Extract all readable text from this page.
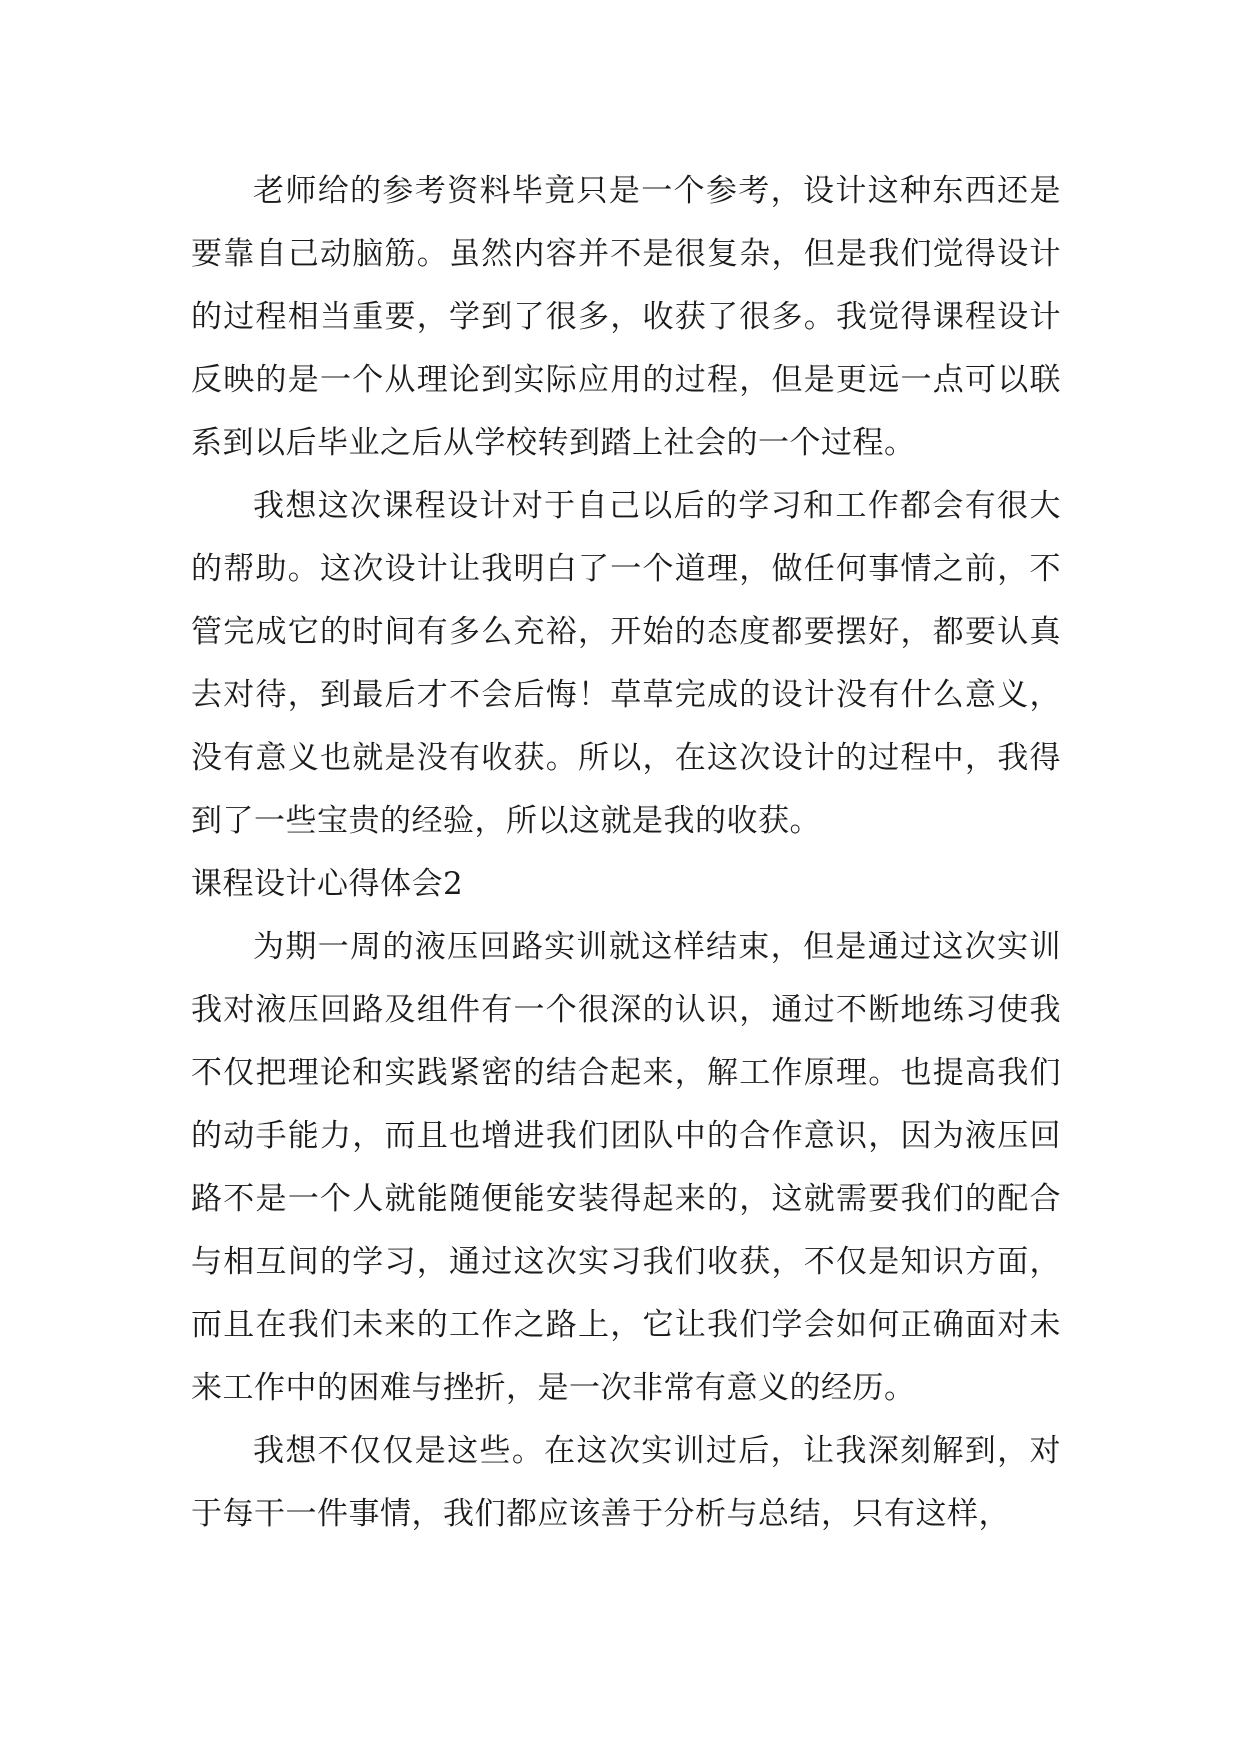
老师给的参考资料毕竟只是一个参考，设计这种东西还是要靠自己动脑筋。虽然内容并不是很复杂，但是我们觉得设计的过程相当重要，学到了很多，收获了很多。我觉得课程设计反映的是一个从理论到实际应用的过程，但是更远一点可以联系到以后毕业之后从学校转到踏上社会的一个过程。

我想这次课程设计对于自己以后的学习和工作都会有很大的帮助。这次设计让我明白了一个道理，做任何事情之前，不管完成它的时间有多么充裕，开始的态度都要摆好，都要认真去对待，到最后才不会后悔！草草完成的设计没有什么意义，没有意义也就是没有收获。所以，在这次设计的过程中，我得到了一些宝贵的经验，所以这就是我的收获。

课程设计心得体会2

为期一周的液压回路实训就这样结束，但是通过这次实训我对液压回路及组件有一个很深的认识，通过不断地练习使我不仅把理论和实践紧密的结合起来，解工作原理。也提高我们的动手能力，而且也增进我们团队中的合作意识，因为液压回路不是一个人就能随便能安装得起来的，这就需要我们的配合与相互间的学习，通过这次实习我们收获，不仅是知识方面，而且在我们未来的工作之路上，它让我们学会如何正确面对未来工作中的困难与挫折，是一次非常有意义的经历。

我想不仅仅是这些。在这次实训过后，让我深刻解到，对于每干一件事情，我们都应该善于分析与总结，只有这样，
